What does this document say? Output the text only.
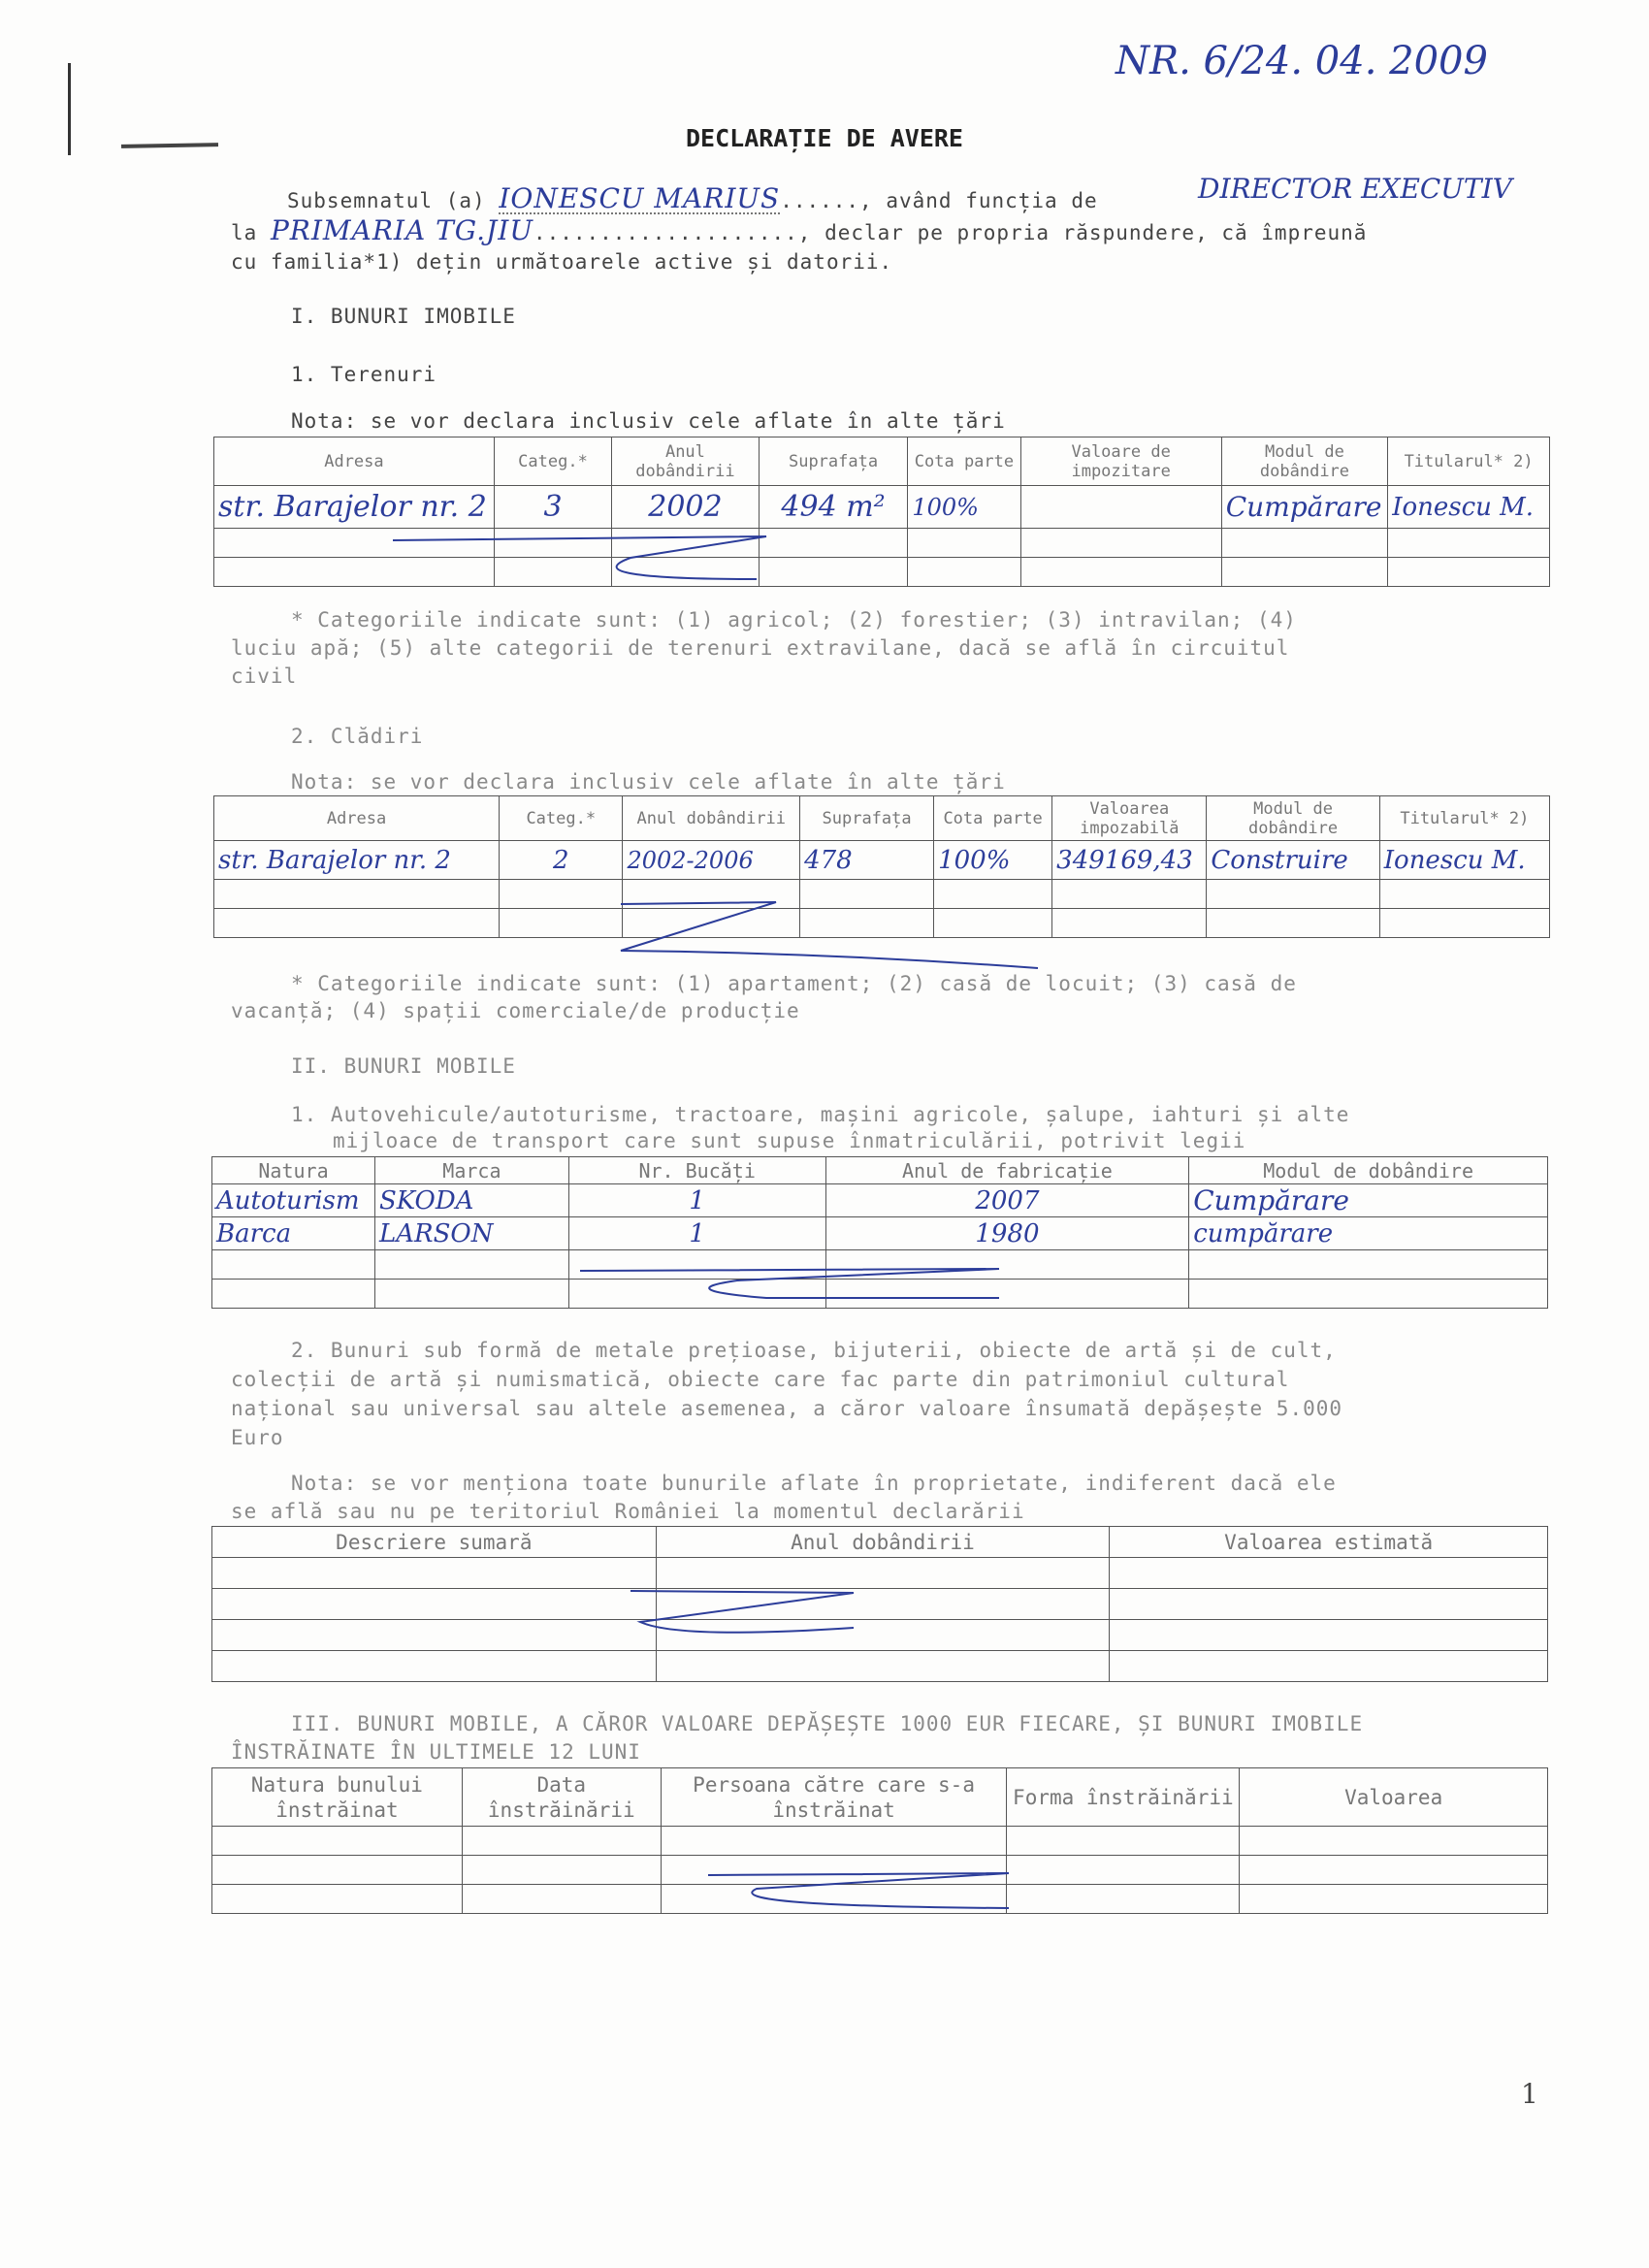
NR. 6/24. 04. 2009
DECLARAȚIE DE AVERE
Subsemnatul (a) IONESCU MARIUS......, având funcția de	DIRECTOR EXECUTIV
la PRIMARIA TG.JIU...................., declar pe propria răspundere, că împreună
cu familia*1) dețin următoarele active și datorii.
I. BUNURI IMOBILE
1. Terenuri
Nota: se vor declara inclusiv cele aflate în alte țări
Adresa	Categ.*	Anul dobândirii	Suprafața	Cota parte	Valoare de impozitare	Modul de dobândire	Titularul* 2)
str. Barajelor nr. 2	3	2002	494 m²	100%		Cumpărare	Ionescu M.

* Categoriile indicate sunt: (1) agricol; (2) forestier; (3) intravilan; (4)
luciu apă; (5) alte categorii de terenuri extravilane, dacă se află în circuitul
civil
2. Clădiri
Nota: se vor declara inclusiv cele aflate în alte țări
Adresa	Categ.*	Anul dobândirii	Suprafața	Cota parte	Valoarea impozabilă	Modul de dobândire	Titularul* 2)
str. Barajelor nr. 2	2	2002-2006	478	100%	349169,43	Construire	Ionescu M.

* Categoriile indicate sunt: (1) apartament; (2) casă de locuit; (3) casă de
vacanță; (4) spații comerciale/de producție
II. BUNURI MOBILE
1. Autovehicule/autoturisme, tractoare, mașini agricole, șalupe, iahturi și alte
mijloace de transport care sunt supuse înmatriculării, potrivit legii
Natura	Marca	Nr. Bucăți	Anul de fabricație	Modul de dobândire
Autoturism	SKODA	1	2007	Cumpărare
Barca	LARSON	1	1980	cumpărare

2. Bunuri sub formă de metale prețioase, bijuterii, obiecte de artă și de cult,
colecții de artă și numismatică, obiecte care fac parte din patrimoniul cultural
național sau universal sau altele asemenea, a căror valoare însumată depășește 5.000
Euro
Nota: se vor menționa toate bunurile aflate în proprietate, indiferent dacă ele
se află sau nu pe teritoriul României la momentul declarării
Descriere sumară	Anul dobândirii	Valoarea estimată

III. BUNURI MOBILE, A CĂROR VALOARE DEPĂȘEȘTE 1000 EUR FIECARE, ȘI BUNURI IMOBILE
ÎNSTRĂINATE ÎN ULTIMELE 12 LUNI
Natura bunului înstrăinat	Data înstrăinării	Persoana către care s-a înstrăinat	Forma înstrăinării	Valoarea

1
